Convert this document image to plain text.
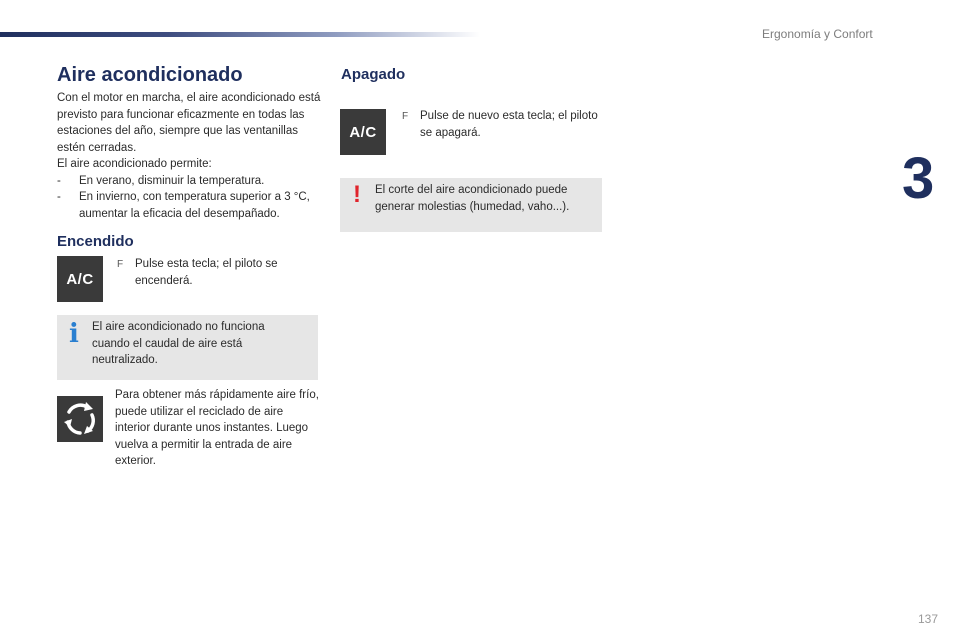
Ergonomía y Confort
3
Aire acondicionado

Con el motor en marcha, el aire acondicionado está previsto para funcionar eficazmente en todas las estaciones del año, siempre que las ventanillas estén cerradas.

El aire acondicionado permite:

-	En verano, disminuir la temperatura.
-	En invierno, con temperatura superior a 3 °C, aumentar la eficacia del desempañado.
Encendido
A/C
F	Pulse esta tecla; el piloto se encenderá.
i El aire acondicionado no funciona cuando el caudal de aire está neutralizado.
Para obtener más rápidamente aire frío, puede utilizar el reciclado de aire interior durante unos instantes. Luego vuelva a permitir la entrada de aire exterior.
Apagado
A/C
F	Pulse de nuevo esta tecla; el piloto se apagará.
! El corte del aire acondicionado puede generar molestias (humedad, vaho...).
137
